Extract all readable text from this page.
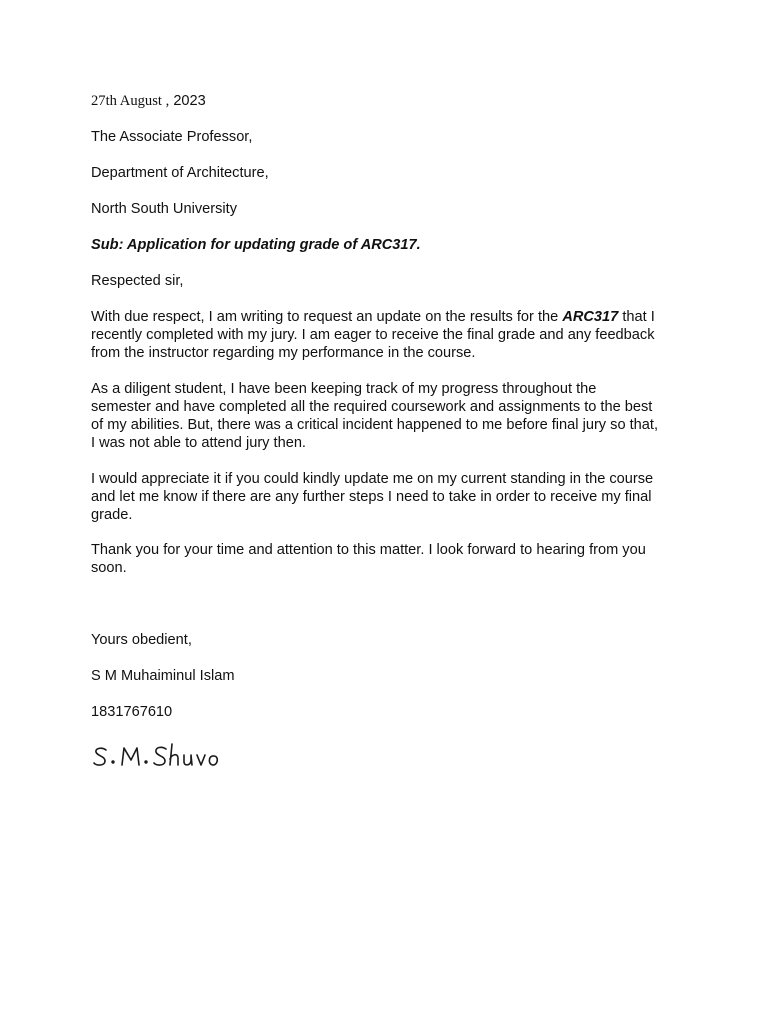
27th August , 2023
The Associate Professor,
Department of Architecture,
North South University
Sub: Application for updating grade of ARC317.
Respected sir,
With due respect, I am writing to request an update on the results for the ARC317 that I
recently completed with my jury. I am eager to receive the final grade and any feedback
from the instructor regarding my performance in the course.
As a diligent student, I have been keeping track of my progress throughout the
semester and have completed all the required coursework and assignments to the best
of my abilities. But, there was a critical incident happened to me before final jury so that,
I was not able to attend jury then.
I would appreciate it if you could kindly update me on my current standing in the course
and let me know if there are any further steps I need to take in order to receive my final
grade.
Thank you for your time and attention to this matter. I look forward to hearing from you
soon.
Yours obedient,
S M Muhaiminul Islam
1831767610
